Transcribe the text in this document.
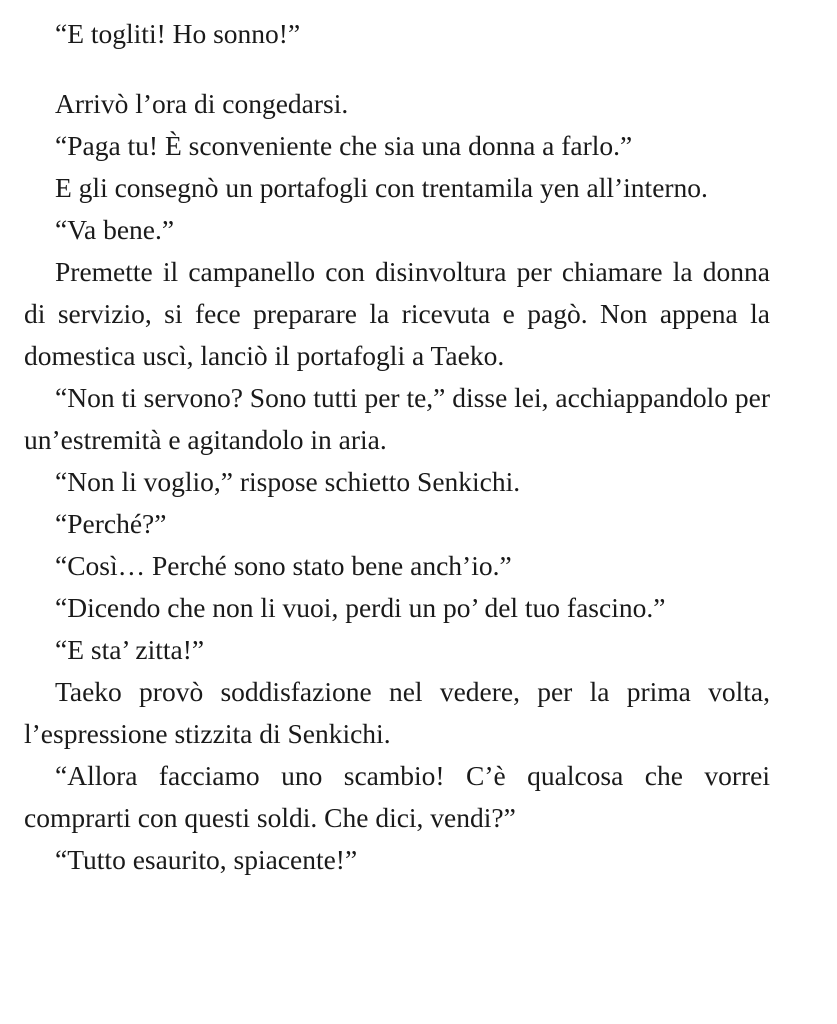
“E togliti! Ho sonno!”

Arrivò l’ora di congedarsi.

“Paga tu! È sconveniente che sia una donna a farlo.”

E gli consegnò un portafogli con trentamila yen all’interno.

“Va bene.”

Premette il campanello con disinvoltura per chiamare la donna di servizio, si fece preparare la ricevuta e pagò. Non appena la domestica uscì, lanciò il portafogli a Taeko.

“Non ti servono? Sono tutti per te,” disse lei, acchiappandolo per un’estremità e agitandolo in aria.

“Non li voglio,” rispose schietto Senkichi.

“Perché?”

“Così… Perché sono stato bene anch’io.”

“Dicendo che non li vuoi, perdi un po’ del tuo fascino.”

“E sta’ zitta!”

Taeko provò soddisfazione nel vedere, per la prima volta, l’espressione stizzita di Senkichi.

“Allora facciamo uno scambio! C’è qualcosa che vorrei comprarti con questi soldi. Che dici, vendi?”

“Tutto esaurito, spiacente!”
